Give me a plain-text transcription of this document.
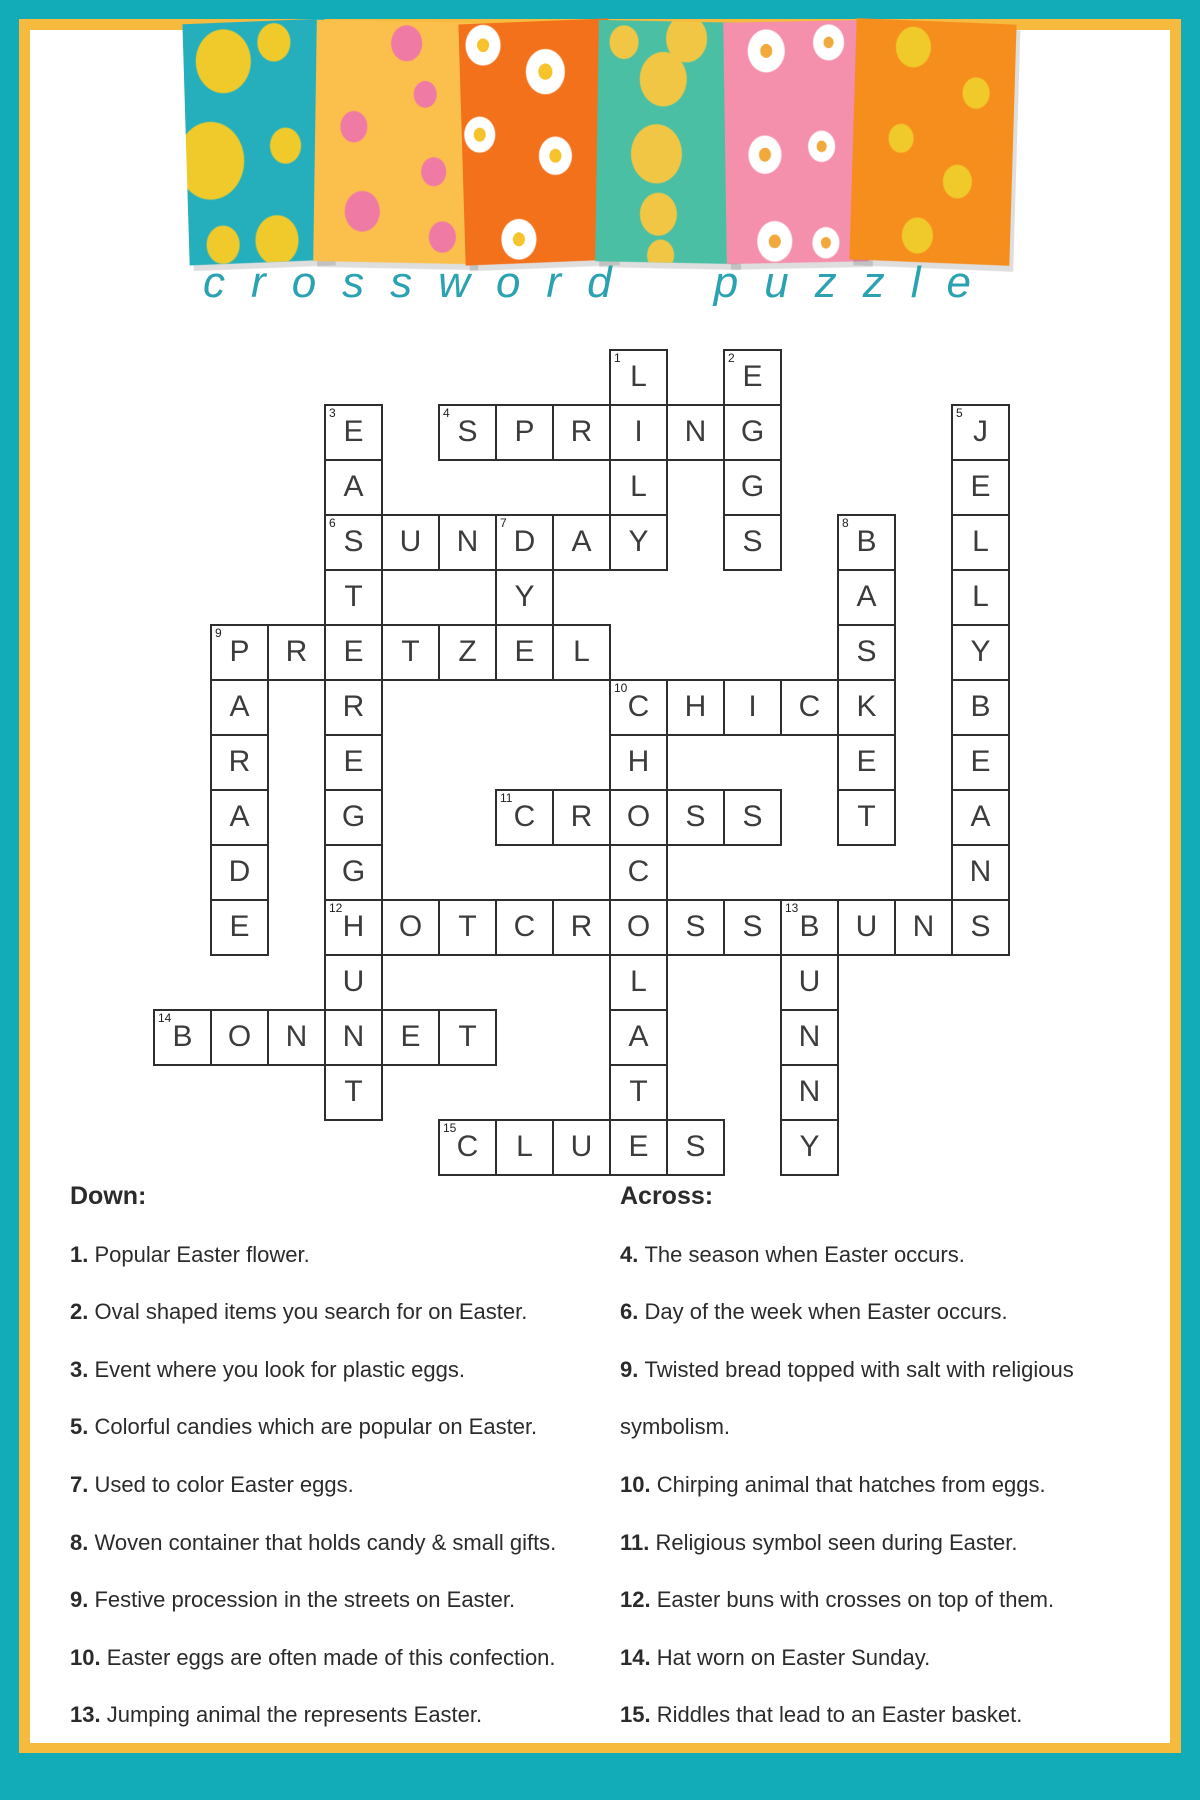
crossword puzzle
1
L
2
E
3
E
4
S	P	R	I	N	G
5
J
A	L	G	E
6
S	U	N
7
D	A	Y	S
8
B	L
T	Y	A	L
9
P	R	E	T	Z	E	L	S	Y
A	R
10
C	H	I	C	K	B
R	E	H	E	E
A	G
11
C	R	O	S	S	T	A
D	G	C	N
E
12
H	O	T	C	R	O	S	S
13
B	U	N	S
U	L	U
14
B	O	N	N	E	T	A	N
T	T	N
15
C	L	U	E	S	Y
Down:
1. Popular Easter flower.
2. Oval shaped items you search for on Easter.
3. Event where you look for plastic eggs.
5. Colorful candies which are popular on Easter.
7. Used to color Easter eggs.
8. Woven container that holds candy & small gifts.
9. Festive procession in the streets on Easter.
10. Easter eggs are often made of this confection.
13. Jumping animal the represents Easter.
Across:
4. The season when Easter occurs.
6. Day of the week when Easter occurs.
9. Twisted bread topped with salt with religious symbolism.
10. Chirping animal that hatches from eggs.
11. Religious symbol seen during Easter.
12. Easter buns with crosses on top of them.
14. Hat worn on Easter Sunday.
15. Riddles that lead to an Easter basket.
